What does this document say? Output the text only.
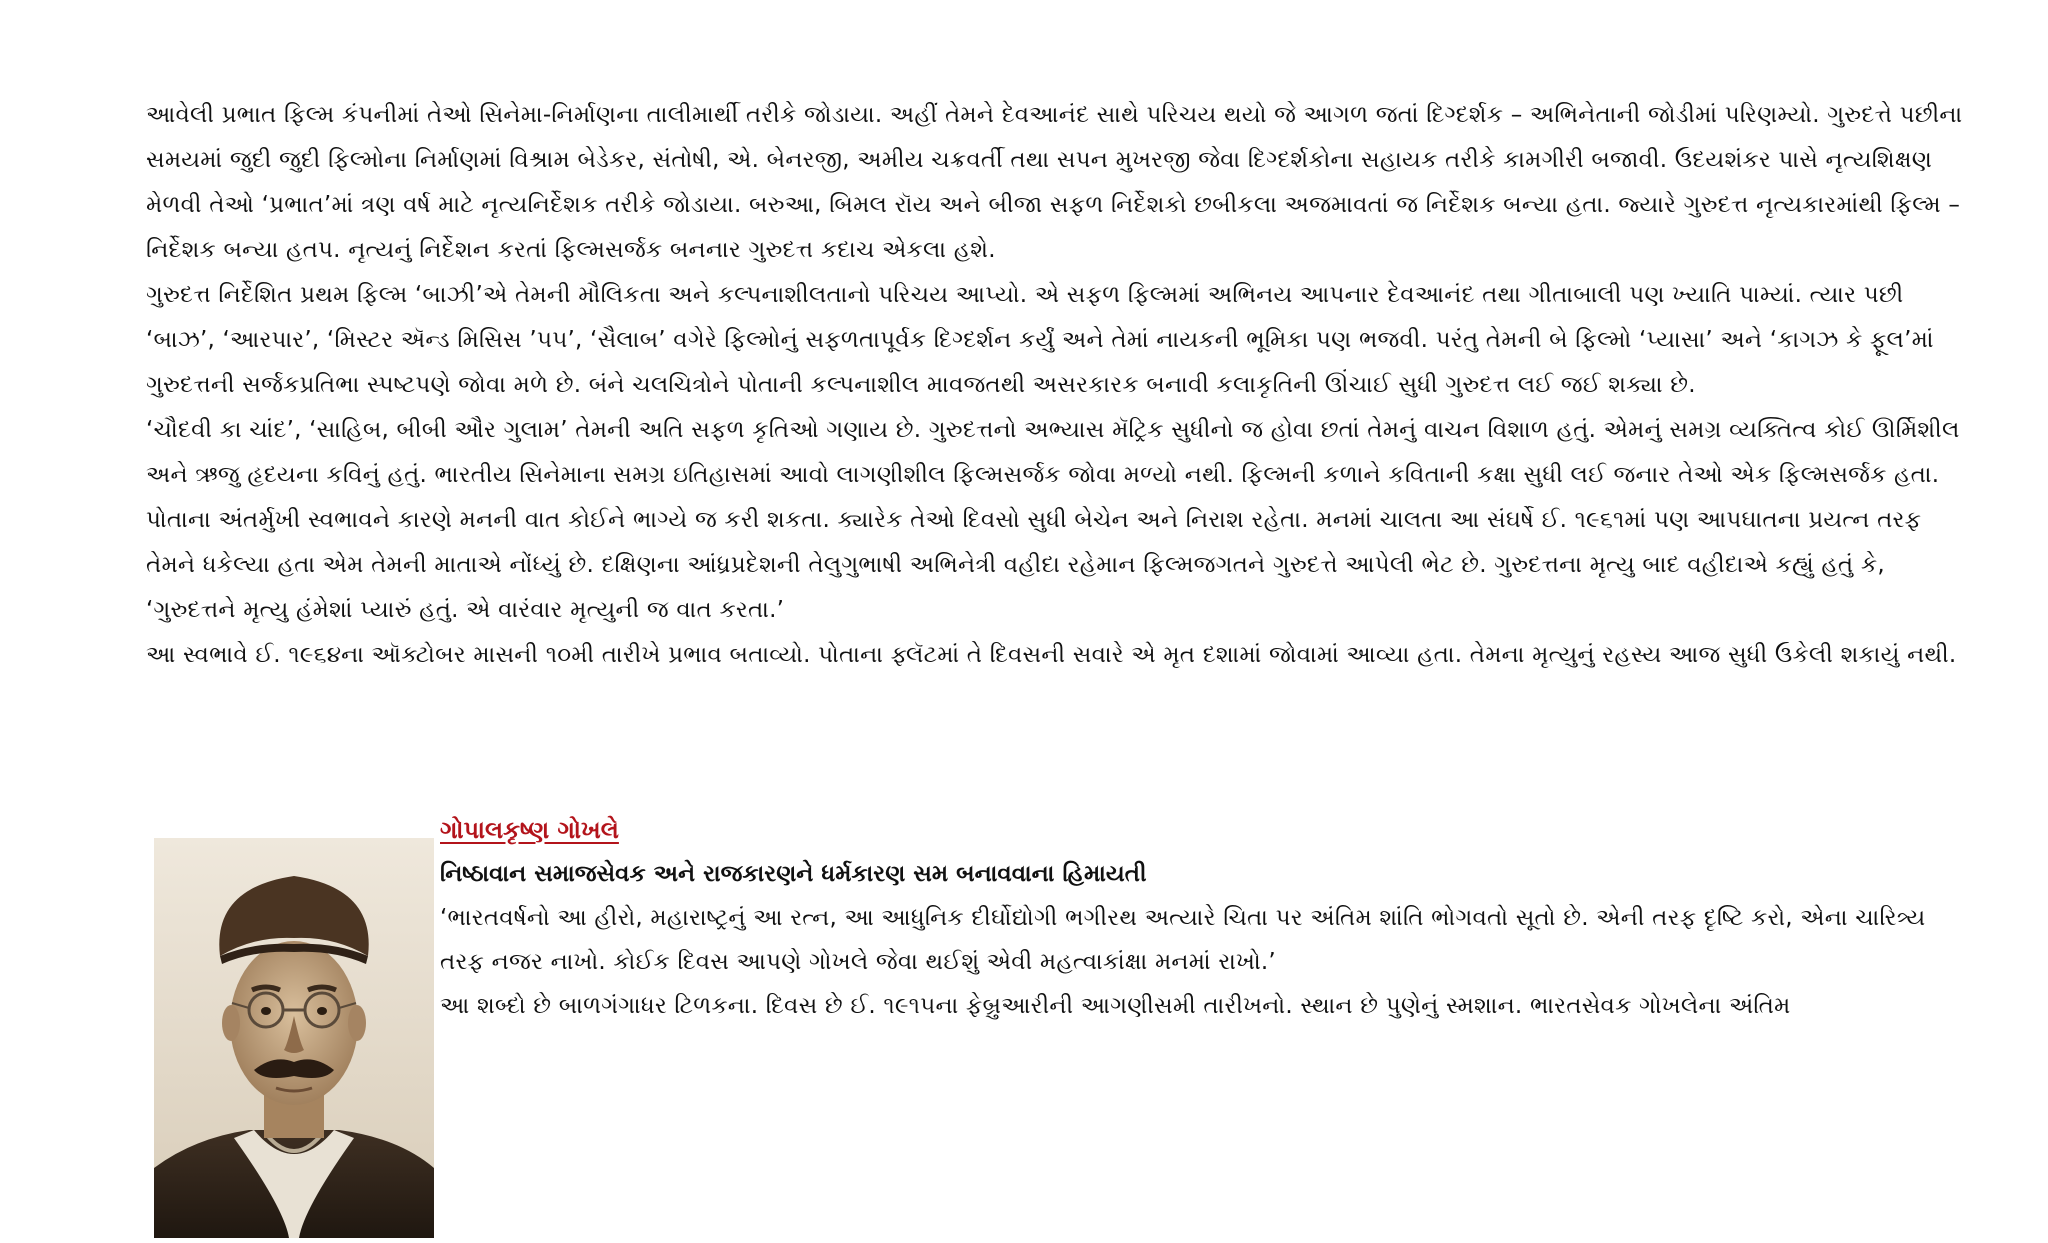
આવેલી પ્રભાત ફિલ્મ કંપનીમાં તેઓ સિનેમા-નિર્માણના તાલીમાર્થી તરીકે જોડાયા. અહીં તેમને દેવઆનંદ સાથે પરિચય થયો જે આગળ જતાં દિગ્દર્શક – અભિનેતાની જોડીમાં પરિણમ્યો. ગુરુદત્તે પછીના સમયમાં જુદી જુદી ફિલ્મોના નિર્માણમાં વિશ્રામ બેડેકર, સંતોષી, એ. બેનરજી, અમીય ચક્રવર્તી તથા સપન મુખરજી જેવા દિગ્દર્શકોના સહાયક તરીકે કામગીરી બજાવી. ઉદયશંકર પાસે નૃત્યશિક્ષણ મેળવી તેઓ ‘પ્રભાત’માં ત્રણ વર્ષ માટે નૃત્યનિર્દેશક તરીકે જોડાયા. બરુઆ, બિમલ રૉય અને બીજા સફળ નિર્દેશકો છબીકલા અજમાવતાં જ નિર્દેશક બન્યા હતા. જ્યારે ગુરુદત્ત નૃત્યકારમાંથી ફિલ્મ – નિર્દેશક બન્યા હતપ. નૃત્યનું નિર્દેશન કરતાં ફિલ્મસર્જક બનનાર ગુરુદત્ત કદાચ એકલા હશે.

ગુરુદત્ત નિર્દેશિત પ્રથમ ફિલ્મ ‘બાઝી’એ તેમની મૌલિકતા અને કલ્પનાશીલતાનો પરિચય આપ્યો. એ સફળ ફિલ્મમાં અભિનય આપનાર દેવઆનંદ તથા ગીતાબાલી પણ ખ્યાતિ પામ્યાં. ત્યાર પછી ‘બાઝ’, ‘આરપાર’, ‘મિસ્ટર ઍન્ડ મિસિસ ’૫૫’, ‘સૈલાબ’ વગેરે ફિલ્મોનું સફળતાપૂર્વક દિગ્દર્શન કર્યું અને તેમાં નાયકની ભૂમિકા પણ ભજવી. પરંતુ તેમની બે ફિલ્મો ‘પ્યાસા’ અને ‘કાગઝ કે ફૂલ’માં ગુરુદત્તની સર્જકપ્રતિભા સ્પષ્ટપણે જોવા મળે છે. બંને ચલચિત્રોને પોતાની કલ્પનાશીલ માવજતથી અસરકારક બનાવી કલાકૃતિની ઊંચાઈ સુધી ગુરુદત્ત લઈ જઈ શક્યા છે.

‘ચૌદવી કા ચાંદ’, ‘સાહિબ, બીબી ઔર ગુલામ’ તેમની અતિ સફળ કૃતિઓ ગણાય છે. ગુરુદત્તનો અભ્યાસ મૅટ્રિક સુધીનો જ હોવા છતાં તેમનું વાચન વિશાળ હતું. એમનું સમગ્ર વ્યક્તિત્વ કોઈ ઊર્મિશીલ અને ઋજુ હૃદયના કવિનું હતું. ભારતીય સિનેમાના સમગ્ર ઇતિહાસમાં આવો લાગણીશીલ ફિલ્મસર્જક જોવા મળ્યો નથી. ફિલ્મની કળાને કવિતાની કક્ષા સુધી લઈ જનાર તેઓ એક ફિલ્મસર્જક હતા.

પોતાના અંતર્મુખી સ્વભાવને કારણે મનની વાત કોઈને ભાગ્યે જ કરી શકતા. ક્યારેક તેઓ દિવસો સુધી બેચેન અને નિરાશ રહેતા. મનમાં ચાલતા આ સંઘર્ષે ઈ. ૧૯૬૧માં પણ આપઘાતના પ્રયત્ન તરફ તેમને ધકેલ્યા હતા એમ તેમની માતાએ નોંધ્યું છે. દક્ષિણના આંધ્રપ્રદેશની તેલુગુભાષી અભિનેત્રી વહીદા રહેમાન ફિલ્મજગતને ગુરુદત્તે આપેલી ભેટ છે. ગુરુદત્તના મૃત્યુ બાદ વહીદાએ કહ્યું હતું કે, ‘ગુરુદત્તને મૃત્યુ હંમેશાં પ્યારું હતું. એ વારંવાર મૃત્યુની જ વાત કરતા.’

આ સ્વભાવે ઈ. ૧૯૬૪ના ઑક્ટોબર માસની ૧૦મી તારીખે પ્રભાવ બતાવ્યો. પોતાના ફ્લૅટમાં તે દિવસની સવારે એ મૃત દશામાં જોવામાં આવ્યા હતા. તેમના મૃત્યુનું રહસ્ય આજ સુધી ઉકેલી શકાયું નથી.

ગોપાલકૃષ્ણ ગોખલે
નિષ્ઠાવાન સમાજસેવક અને રાજકારણને ધર્મકારણ સમ બનાવવાના હિમાયતી

‘ભારતવર્ષનો આ હીરો, મહારાષ્ટ્રનું આ રત્ન, આ આધુનિક દીર્ઘોદ્યોગી ભગીરથ અત્યારે ચિતા પર અંતિમ શાંતિ ભોગવતો સૂતો છે. એની તરફ દૃષ્ટિ કરો, એના ચારિત્ર્ય તરફ નજર નાખો. કોઈક દિવસ આપણે ગોખલે જેવા થઈશું એવી મહત્વાકાંક્ષા મનમાં રાખો.’

આ શબ્દો છે બાળગંગાધર ટિળકના. દિવસ છે ઈ. ૧૯૧૫ના ફેબ્રુઆરીની આગણીસમી તારીખનો. સ્થાન છે પુણેનું સ્મશાન. ભારતસેવક ગોખલેના અંતિમ
